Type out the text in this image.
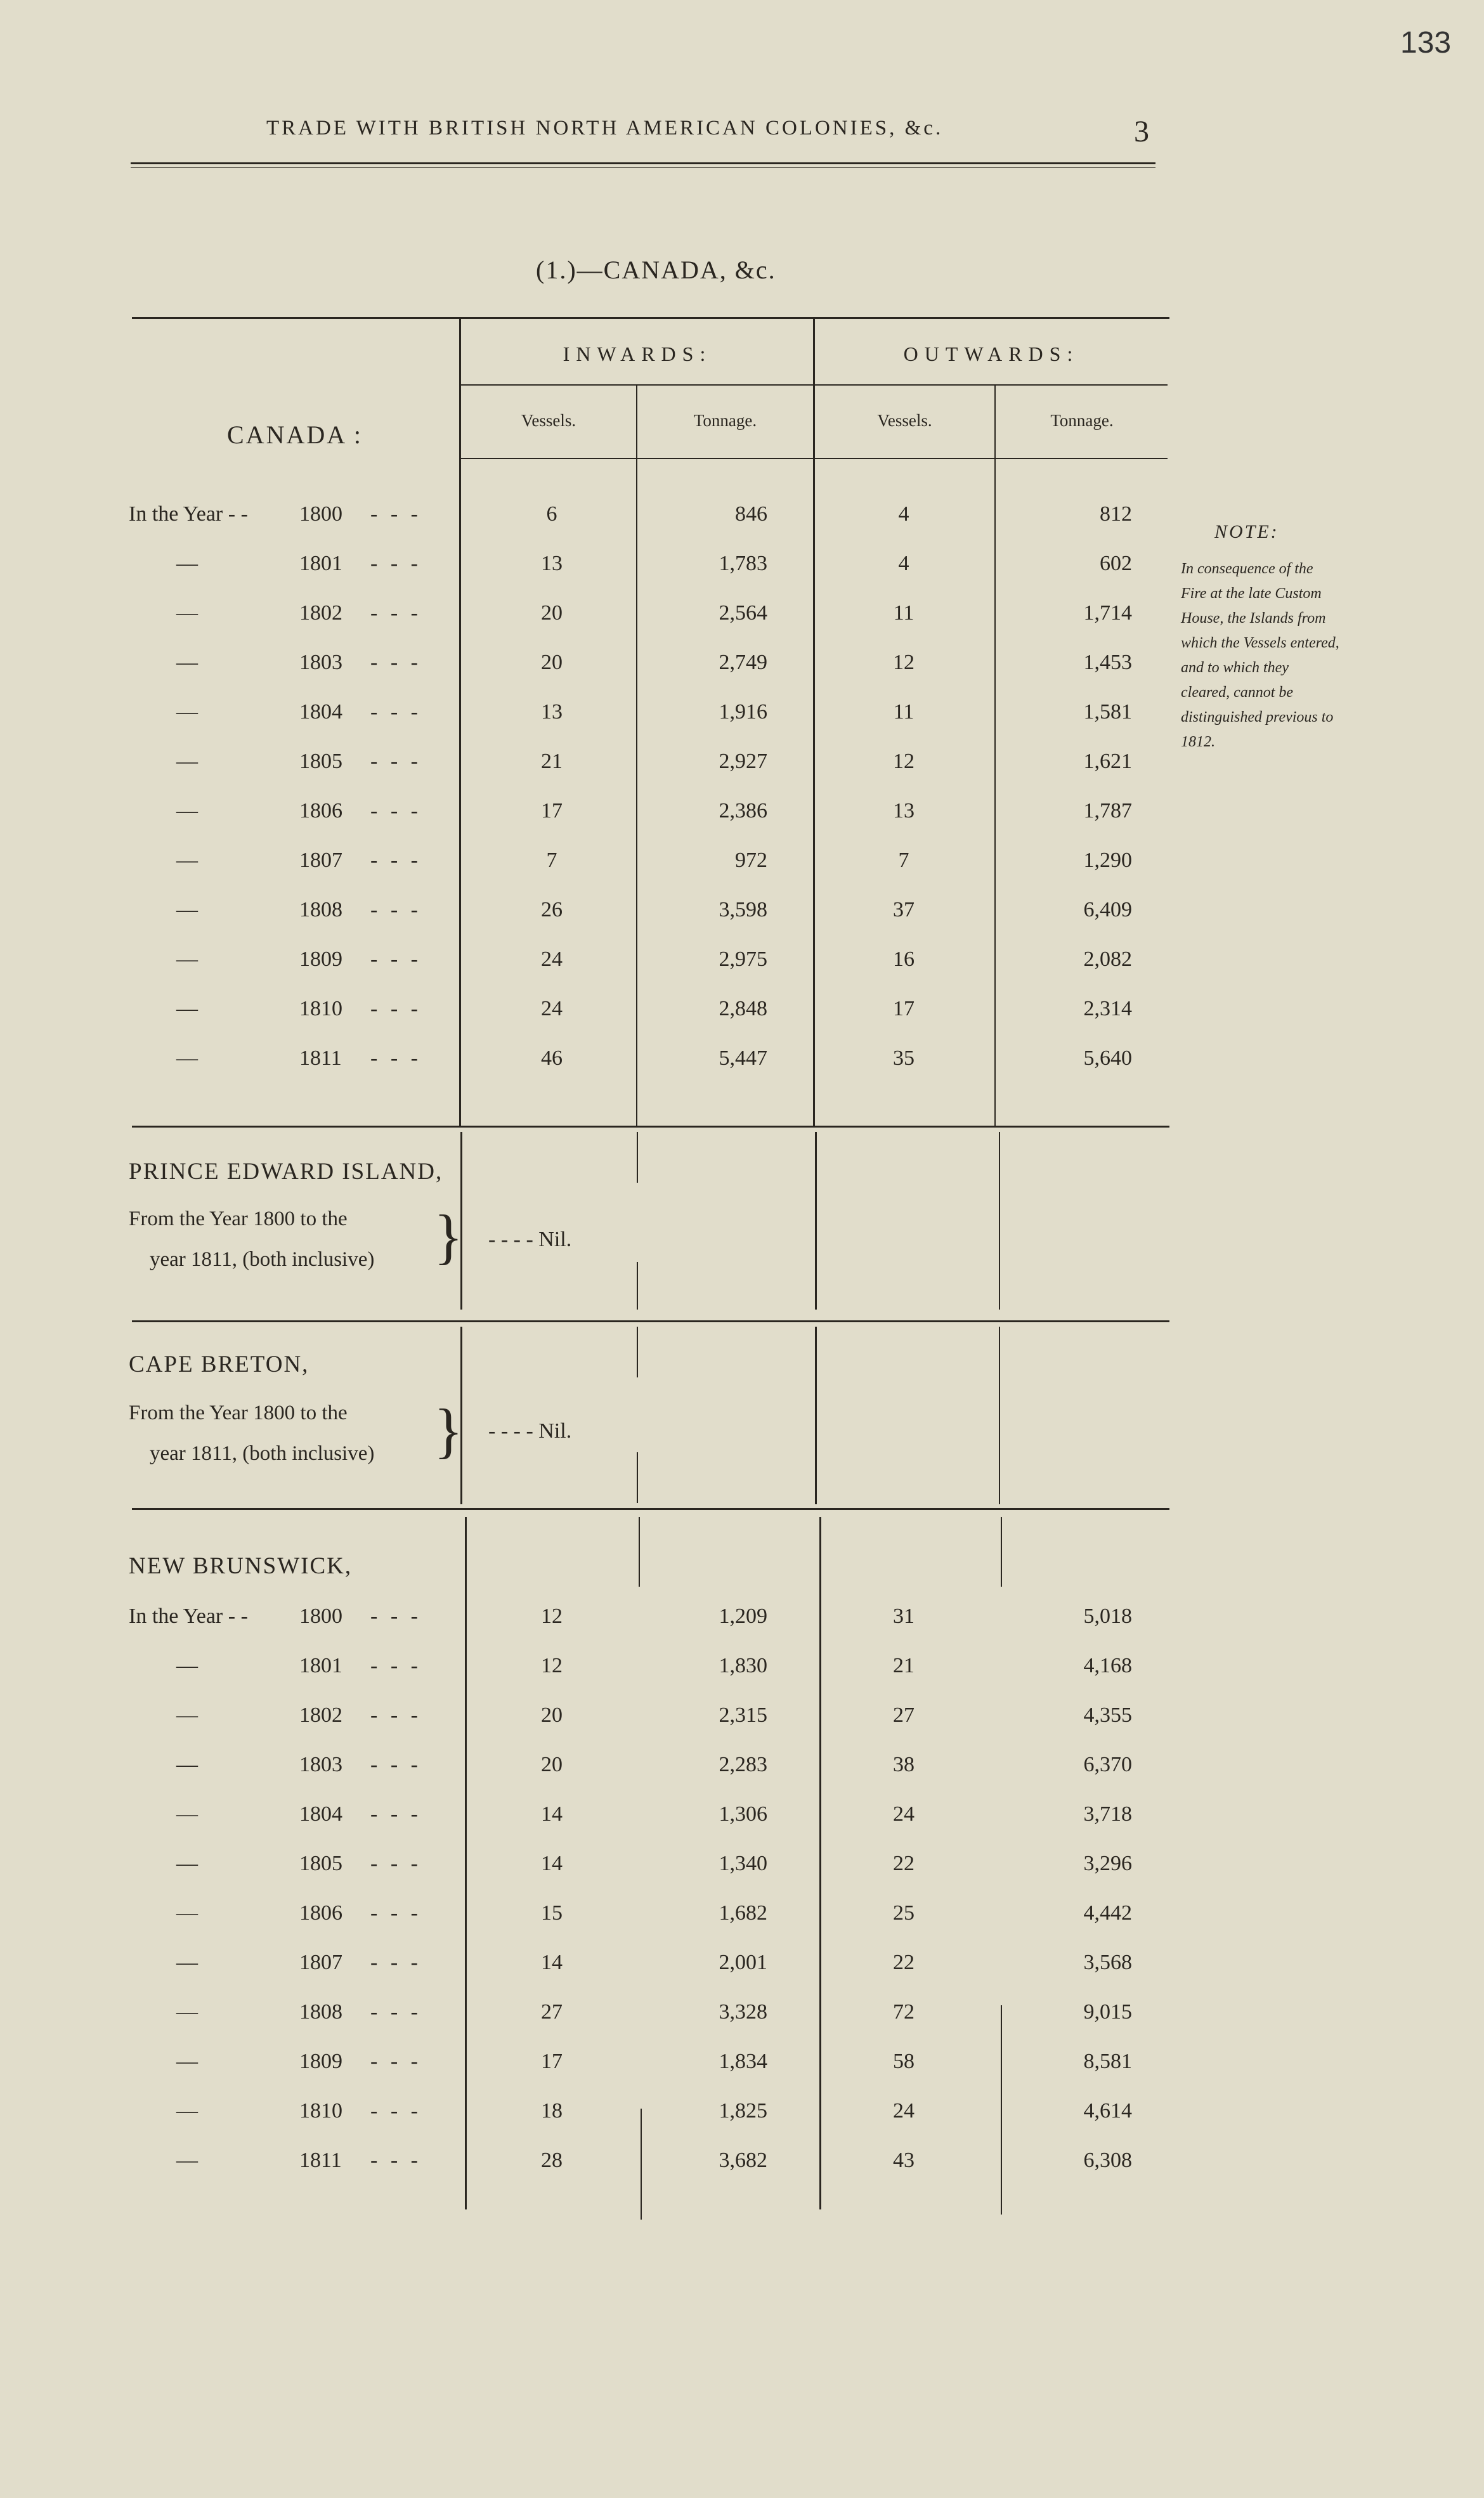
133
TRADE WITH BRITISH NORTH AMERICAN COLONIES, &c.	3
(1.)—CANADA, &c.
CANADA :
INWARDS:	OUTWARDS:
Vessels.	Tonnage.	Vessels.	Tonnage.
In the Year - - 1800 - - -	6	846	4	812
—	1801 - - -	13	1,783	4	602
—	1802 - - -	20	2,564	11	1,714
—	1803 - - -	20	2,749	12	1,453
—	1804 - - -	13	1,916	11	1,581
—	1805 - - -	21	2,927	12	1,621
—	1806 - - -	17	2,386	13	1,787
—	1807 - - -	7	972	7	1,290
—	1808 - - -	26	3,598	37	6,409
—	1809 - - -	24	2,975	16	2,082
—	1810 - - -	24	2,848	17	2,314
—	1811 - - -	46	5,447	35	5,640
PRINCE EDWARD ISLAND,
From the Year 1800 to the
year 1811, (both inclusive) } - - - - Nil.
CAPE BRETON,
From the Year 1800 to the
year 1811, (both inclusive) } - - - - Nil.
NEW BRUNSWICK,
In the Year - - 1800 - - -	12	1,209	31	5,018
—	1801 - - -	12	1,830	21	4,168
—	1802 - - -	20	2,315	27	4,355
—	1803 - - -	20	2,283	38	6,370
—	1804 - - -	14	1,306	24	3,718
—	1805 - - -	14	1,340	22	3,296
—	1806 - - -	15	1,682	25	4,442
—	1807 - - -	14	2,001	22	3,568
—	1808 - - -	27	3,328	72	9,015
—	1809 - - -	17	1,834	58	8,581
—	1810 - - -	18	1,825	24	4,614
—	1811 - - -	28	3,682	43	6,308
NOTE:
In consequence of the Fire at the late Custom House, the Islands from which the Vessels entered, and to which they cleared, cannot be distinguished previous to 1812.
